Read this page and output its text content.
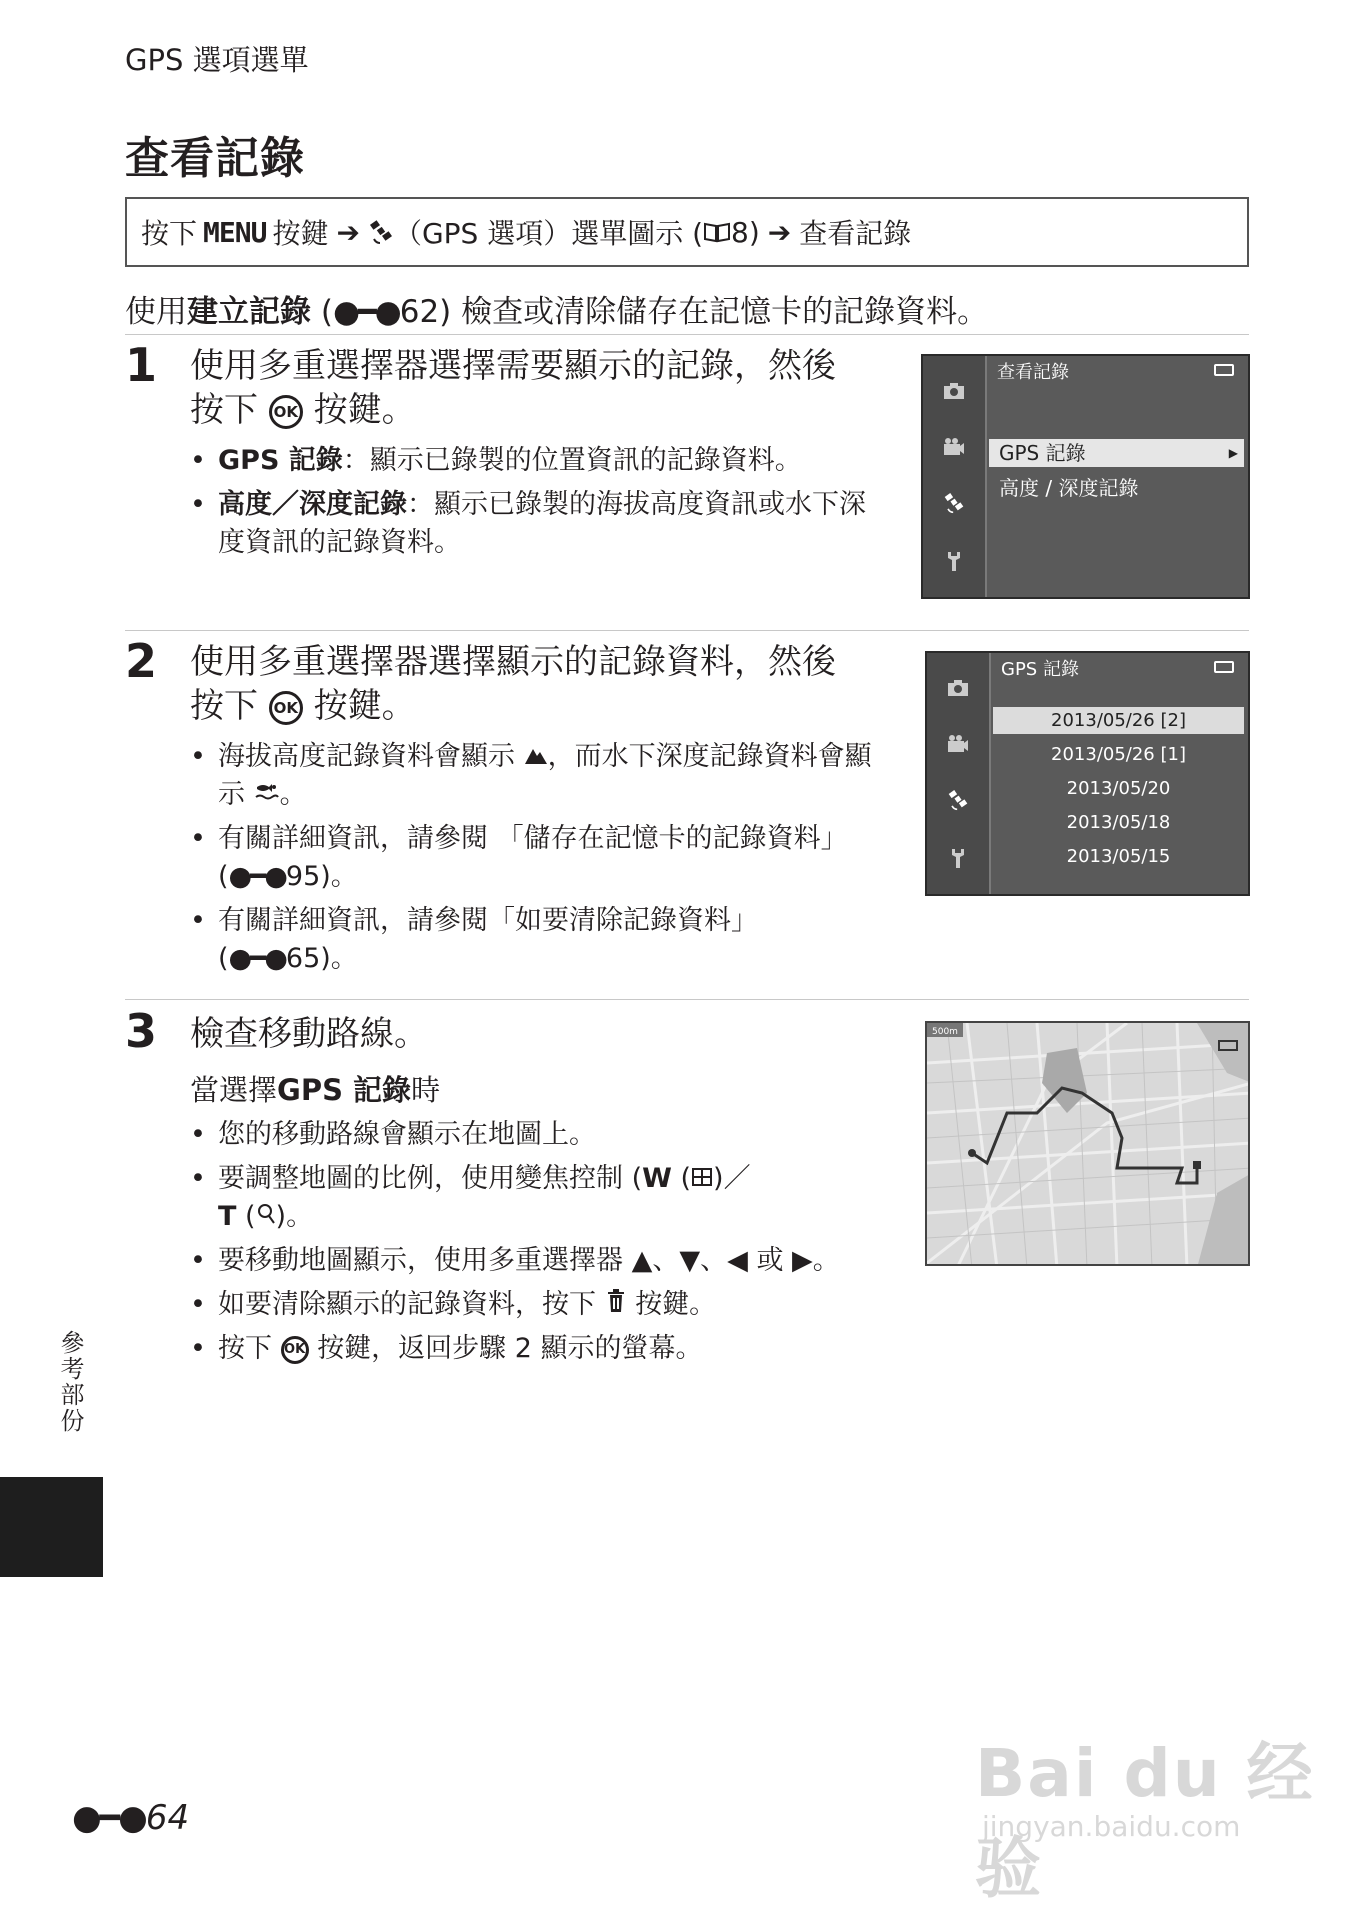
GPS 選項選單
查看記錄
按下 MENU 按鍵 ➔ （GPS 選項）選單圖示 ( 8) ➔ 查看記錄
使用建立記錄 (●━●62) 檢查或清除儲存在記憶卡的記錄資料。
1 使用多重選擇器選擇需要顯示的記錄，然後
按下 OK 按鍵。
• GPS 記錄：顯示已錄製的位置資訊的記錄資料。
• 高度／深度記錄：顯示已錄製的海拔高度資訊或水下深度資訊的記錄資料。
查看記錄
GPS 記錄	▶
高度 / 深度記錄
2 使用多重選擇器選擇顯示的記錄資料，然後
按下 OK 按鍵。
• 海拔高度記錄資料會顯示 ，而水下深度記錄資料會顯示 。
• 有關詳細資訊，請參閱 「儲存在記憶卡的記錄資料」 (●━●95)。
• 有關詳細資訊，請參閱「如要清除記錄資料」(●━●65)。
GPS 記錄
2013/05/26 [2]
2013/05/26 [1]
2013/05/20
2013/05/18
2013/05/15
3 檢查移動路線。
當選擇GPS 記錄時
• 您的移動路線會顯示在地圖上。
• 要調整地圖的比例，使用變焦控制 (W ( )／
T ( )。
• 要移動地圖顯示，使用多重選擇器 ▲、▼、◀ 或 ▶。
• 如要清除顯示的記錄資料，按下 按鍵。
• 按下 OK 按鍵，返回步驟 2 顯示的螢幕。
500m
參考部份
●━●64
Bai du 经验
jingyan.baidu.com
